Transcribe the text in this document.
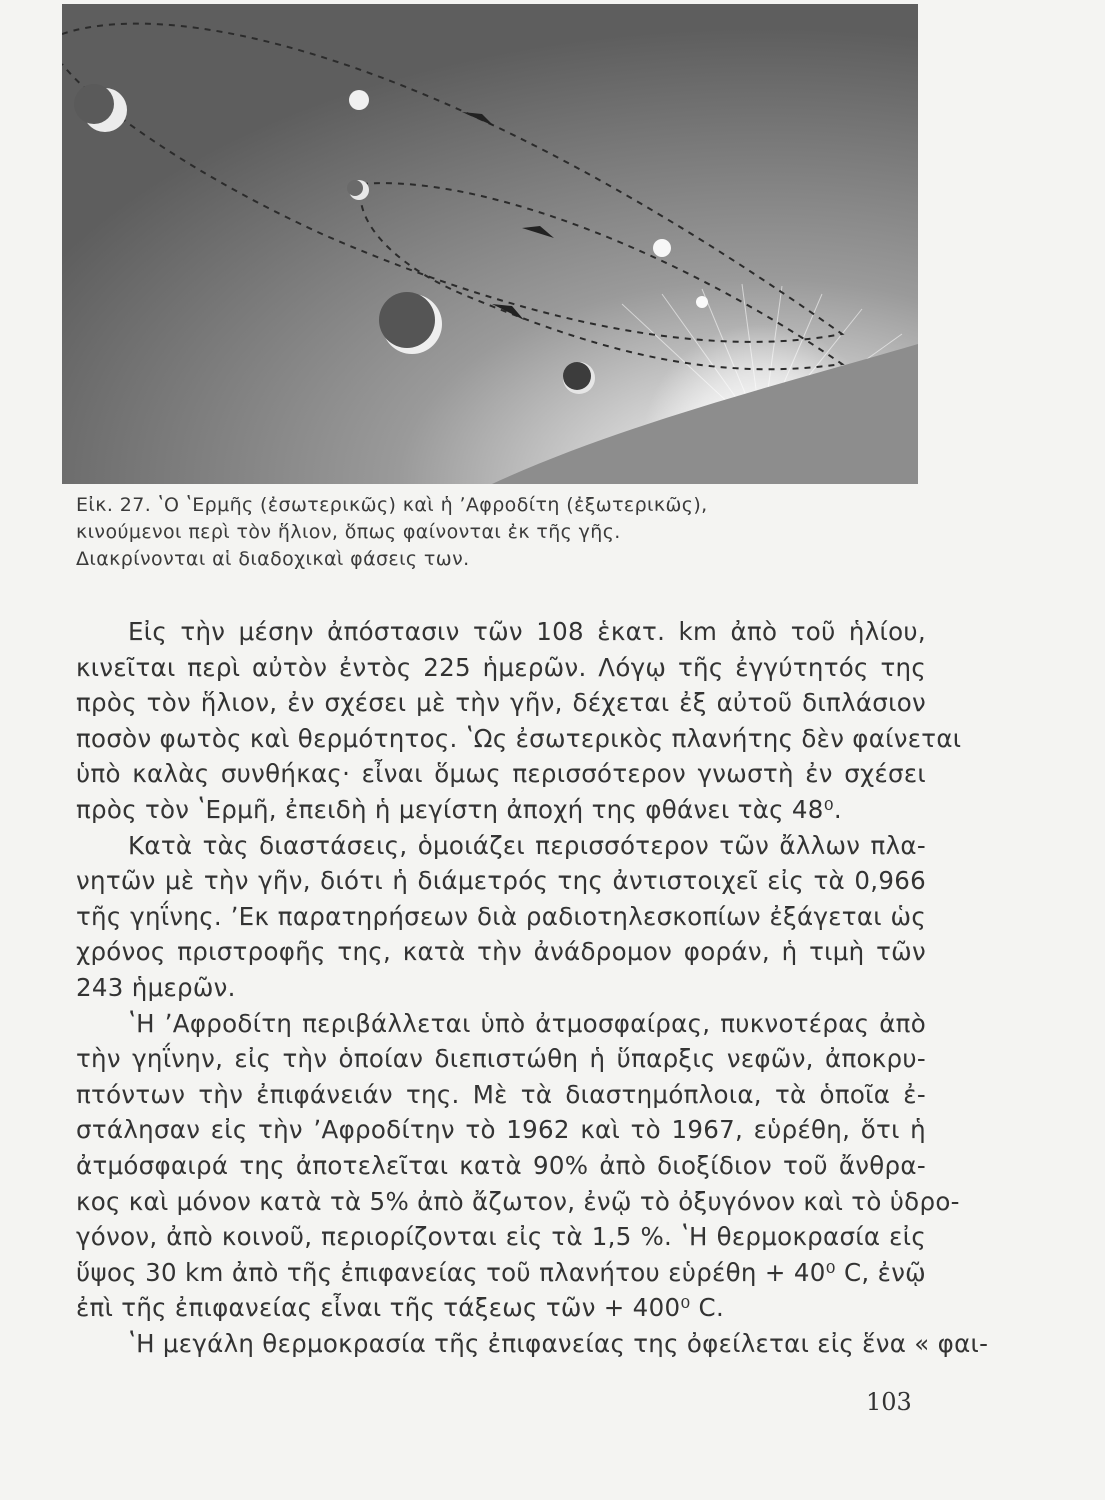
Εἰκ. 27. ʽΟ ʽΕρμῆς (ἐσωτερικῶς) καὶ ἡ ʼΑφροδίτη (ἐξωτερικῶς),
κινούμενοι περὶ τὸν ἥλιον, ὅπως φαίνονται ἐκ τῆς γῆς.
Διακρίνονται αἱ διαδοχικαὶ φάσεις των.
Εἰς τὴν μέσην ἀπόστασιν τῶν 108 ἑκατ. km ἀπὸ τοῦ ἡλίου,
κινεῖται περὶ αὐτὸν ἐντὸς 225 ἡμερῶν. Λόγῳ τῆς ἐγγύτητός της
πρὸς τὸν ἥλιον, ἐν σχέσει μὲ τὴν γῆν, δέχεται ἐξ αὐτοῦ διπλάσιον
ποσὸν φωτὸς καὶ θερμότητος. ʽΩς ἐσωτερικὸς πλανήτης δὲν φαίνεται
ὑπὸ καλὰς συνθήκας· εἶναι ὅμως περισσότερον γνωστὴ ἐν σχέσει
πρὸς τὸν ʽΕρμῆ, ἐπειδὴ ἡ μεγίστη ἀποχή της φθάνει τὰς 48⁰.
Κατὰ τὰς διαστάσεις, ὁμοιάζει περισσότερον τῶν ἄλλων πλα-
νητῶν μὲ τὴν γῆν, διότι ἡ διάμετρός της ἀντιστοιχεῖ εἰς τὰ 0,966
τῆς γηΐνης. ʼΕκ παρατηρήσεων διὰ ραδιοτηλεσκοπίων ἐξάγεται ὡς
χρόνος πριστροφῆς της, κατὰ τὴν ἀνάδρομον φοράν, ἡ τιμὴ τῶν
243 ἡμερῶν.
ʽΗ ʼΑφροδίτη περιβάλλεται ὑπὸ ἀτμοσφαίρας, πυκνοτέρας ἀπὸ
τὴν γηΐνην, εἰς τὴν ὁποίαν διεπιστώθη ἡ ὕπαρξις νεφῶν, ἀποκρυ-
πτόντων τὴν ἐπιφάνειάν της. Μὲ τὰ διαστημόπλοια, τὰ ὁποῖα ἐ-
στάλησαν εἰς τὴν ʼΑφροδίτην τὸ 1962 καὶ τὸ 1967, εὑρέθη, ὅτι ἡ
ἀτμόσφαιρά της ἀποτελεῖται κατὰ 90% ἀπὸ διοξίδιον τοῦ ἄνθρα-
κος καὶ μόνον κατὰ τὰ 5% ἀπὸ ἄζωτον, ἐνῷ τὸ ὀξυγόνον καὶ τὸ ὑδρο-
γόνον, ἀπὸ κοινοῦ, περιορίζονται εἰς τὰ 1,5 %. ʽΗ θερμοκρασία εἰς
ὕψος 30 km ἀπὸ τῆς ἐπιφανείας τοῦ πλανήτου εὑρέθη + 40⁰ C, ἐνῷ
ἐπὶ τῆς ἐπιφανείας εἶναι τῆς τάξεως τῶν + 400⁰ C.
ʽΗ μεγάλη θερμοκρασία τῆς ἐπιφανείας της ὀφείλεται εἰς ἕνα « φαι-
103
